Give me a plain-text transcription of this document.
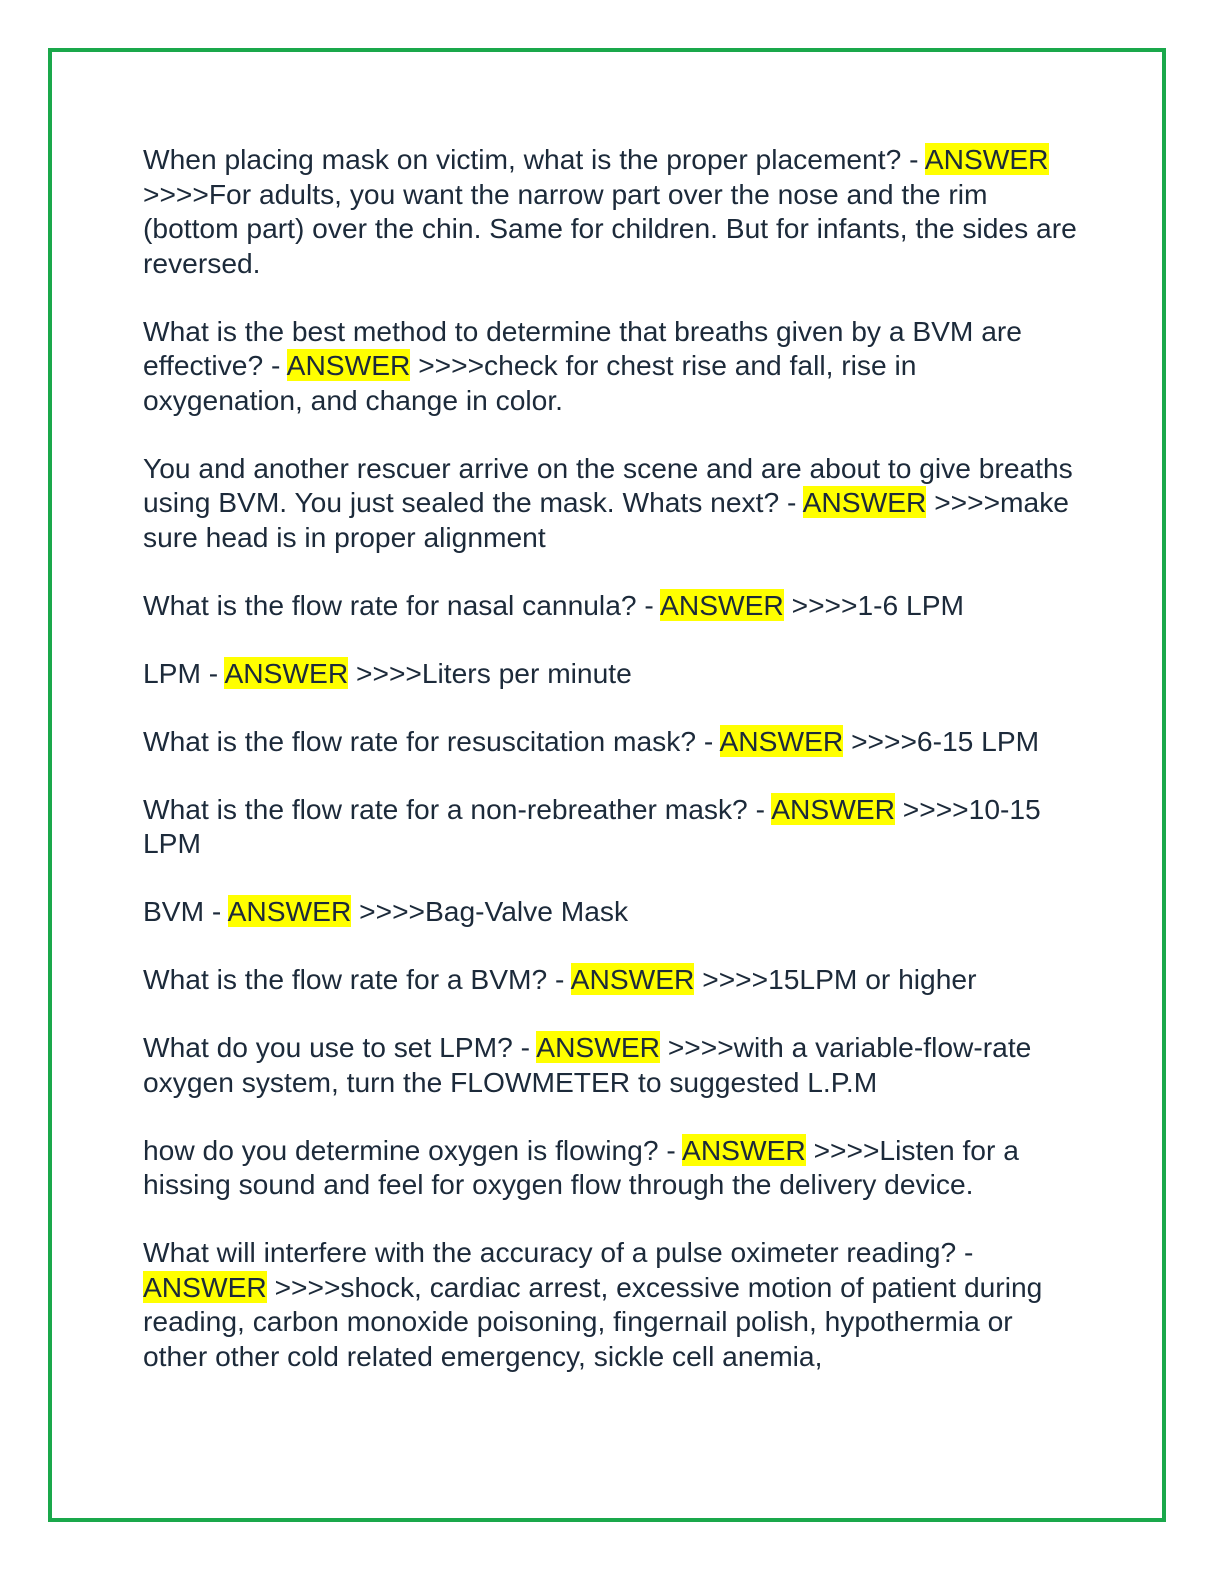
When placing mask on victim, what is the proper placement? - ANSWER >>>>For adults, you want the narrow part over the nose and the rim (bottom part) over the chin. Same for children. But for infants, the sides are reversed.

What is the best method to determine that breaths given by a BVM are effective? - ANSWER >>>>check for chest rise and fall, rise in oxygenation, and change in color.

You and another rescuer arrive on the scene and are about to give breaths using BVM. You just sealed the mask. Whats next? - ANSWER >>>>make sure head is in proper alignment

What is the flow rate for nasal cannula? - ANSWER >>>>1-6 LPM

LPM - ANSWER >>>>Liters per minute

What is the flow rate for resuscitation mask? - ANSWER >>>>6-15 LPM

What is the flow rate for a non-rebreather mask? - ANSWER >>>>10-15 LPM

BVM - ANSWER >>>>Bag-Valve Mask

What is the flow rate for a BVM? - ANSWER >>>>15LPM or higher

What do you use to set LPM? - ANSWER >>>>with a variable-flow-rate oxygen system, turn the FLOWMETER to suggested L.P.M

how do you determine oxygen is flowing? - ANSWER >>>>Listen for a hissing sound and feel for oxygen flow through the delivery device.

What will interfere with the accuracy of a pulse oximeter reading? - ANSWER >>>>shock, cardiac arrest, excessive motion of patient during reading, carbon monoxide poisoning, fingernail polish, hypothermia or other other cold related emergency, sickle cell anemia,
